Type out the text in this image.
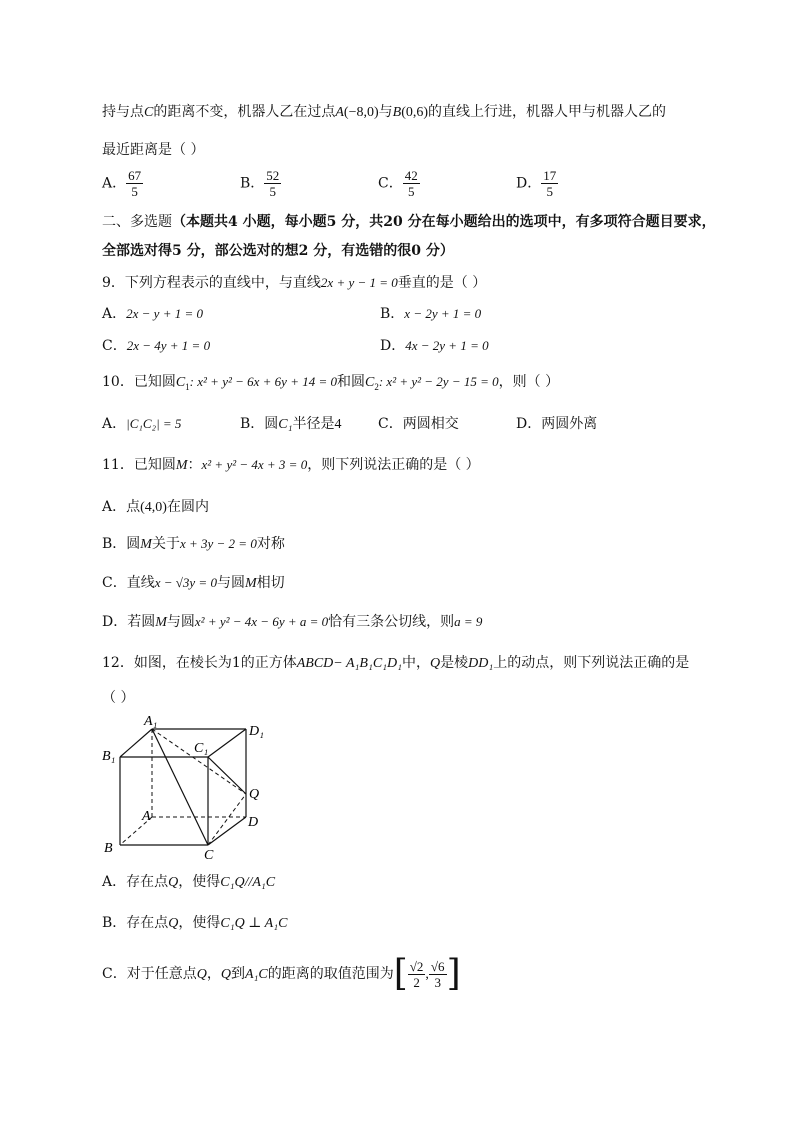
持与点C的距离不变，机器人乙在过点A(−8,0)与B(0,6)的直线上行进，机器人甲与机器人乙的
最近距离是（ ）
A． $\frac{67}{5}$	B． $\frac{52}{5}$	C． $\frac{42}{5}$	D． $\frac{17}{5}$
二、多选题（本题共4 小题，每小题5 分，共20 分在每小题给出的选项中，有多项符合题目要求，
全部选对得5 分，部公选对的想2 分，有选错的很0 分）
9．下列方程表示的直线中，与直线2x + y − 1 = 0垂直的是（ ）
A．2x − y + 1 = 0	B．x − 2y + 1 = 0
C．2x − 4y + 1 = 0	D．4x − 2y + 1 = 0
10．已知圆$C_1$: x² + y² − 6x + 6y + 14 = 0和圆$C_2$: x² + y² − 2y − 15 = 0，则（ ）
A．|C₁C₂| = 5	B．圆C₁半径是4	C．两圆相交	D．两圆外离
11．已知圆M：x² + y² − 4x + 3 = 0，则下列说法正确的是（ ）
A．点(4,0)在圆内
B．圆M关于x + 3y − 2 = 0对称
C．直线x − √3y = 0与圆M相切
D．若圆M与圆x² + y² − 4x − 6y + a = 0恰有三条公切线，则a = 9
12．如图，在棱长为1的正方体ABCD− A₁B₁C₁D₁中，Q是棱DD₁上的动点，则下列说法正确的是
（ ）
A₁
B₁
C₁
D₁
Q
A	D
B	C
A．存在点Q，使得C₁Q//A₁C
B．存在点Q，使得C₁Q ⊥ A₁C
C．对于任意点Q，Q到A₁C的距离的取值范围为[ $\frac{√2}{2}$ , $\frac{√6}{3}$ ]
